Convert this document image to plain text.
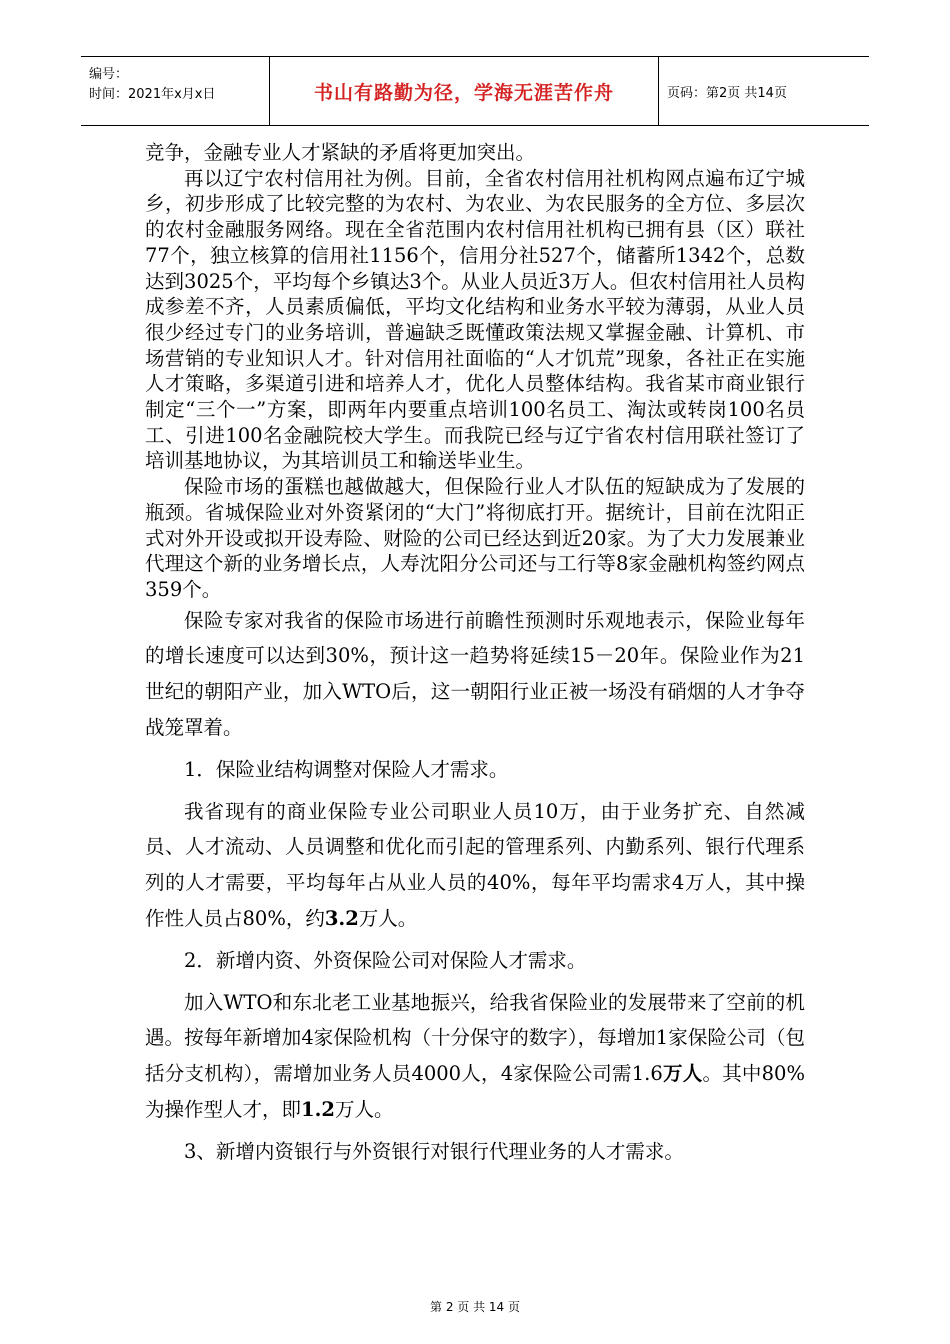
编号：
时间：2021年x月x日	书山有路勤为径，学海无涯苦作舟	页码：第2页 共14页

竞争，金融专业人才紧缺的矛盾将更加突出。

再以辽宁农村信用社为例。目前，全省农村信用社机构网点遍布辽宁城乡，初步形成了比较完整的为农村、为农业、为农民服务的全方位、多层次的农村金融服务网络。现在全省范围内农村信用社机构已拥有县（区）联社77个，独立核算的信用社1156个，信用分社527个，储蓄所1342个，总数达到3025个，平均每个乡镇达3个。从业人员近3万人。但农村信用社人员构成参差不齐，人员素质偏低，平均文化结构和业务水平较为薄弱，从业人员很少经过专门的业务培训，普遍缺乏既懂政策法规又掌握金融、计算机、市场营销的专业知识人才。针对信用社面临的“人才饥荒”现象，各社正在实施人才策略，多渠道引进和培养人才，优化人员整体结构。我省某市商业银行制定“三个一”方案，即两年内要重点培训100名员工、淘汰或转岗100名员工、引进100名金融院校大学生。而我院已经与辽宁省农村信用联社签订了培训基地协议，为其培训员工和输送毕业生。

保险市场的蛋糕也越做越大，但保险行业人才队伍的短缺成为了发展的瓶颈。省城保险业对外资紧闭的“大门”将彻底打开。据统计，目前在沈阳正式对外开设或拟开设寿险、财险的公司已经达到近20家。为了大力发展兼业代理这个新的业务增长点，人寿沈阳分公司还与工行等8家金融机构签约网点359个。

保险专家对我省的保险市场进行前瞻性预测时乐观地表示，保险业每年的增长速度可以达到30%，预计这一趋势将延续15－20年。保险业作为21世纪的朝阳产业，加入WTO后，这一朝阳行业正被一场没有硝烟的人才争夺战笼罩着。

1．保险业结构调整对保险人才需求。

我省现有的商业保险专业公司职业人员10万，由于业务扩充、自然减员、人才流动、人员调整和优化而引起的管理系列、内勤系列、银行代理系列的人才需要，平均每年占从业人员的40%，每年平均需求4万人，其中操作性人员占80%，约3.2万人。

2．新增内资、外资保险公司对保险人才需求。

加入WTO和东北老工业基地振兴，给我省保险业的发展带来了空前的机遇。按每年新增加4家保险机构（十分保守的数字），每增加1家保险公司（包括分支机构），需增加业务人员4000人，4家保险公司需1.6万人。其中80%为操作型人才，即1.2万人。

3、新增内资银行与外资银行对银行代理业务的人才需求。

第 2 页 共 14 页
